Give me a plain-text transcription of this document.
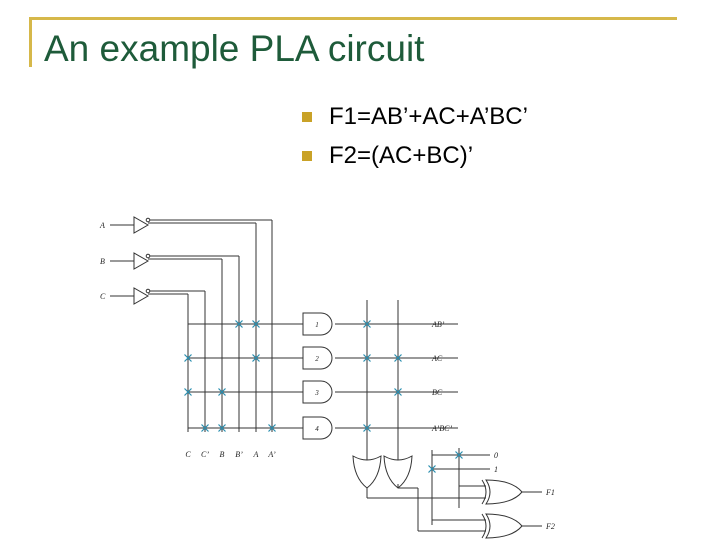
An example PLA circuit
F1=AB’+AC+A’BC’
F2=(AC+BC)’
A
B
C
C C’ B B’ A A’
1	AB’
2	AC
3	BC
4	A’BC’
0
1
F1
F2
